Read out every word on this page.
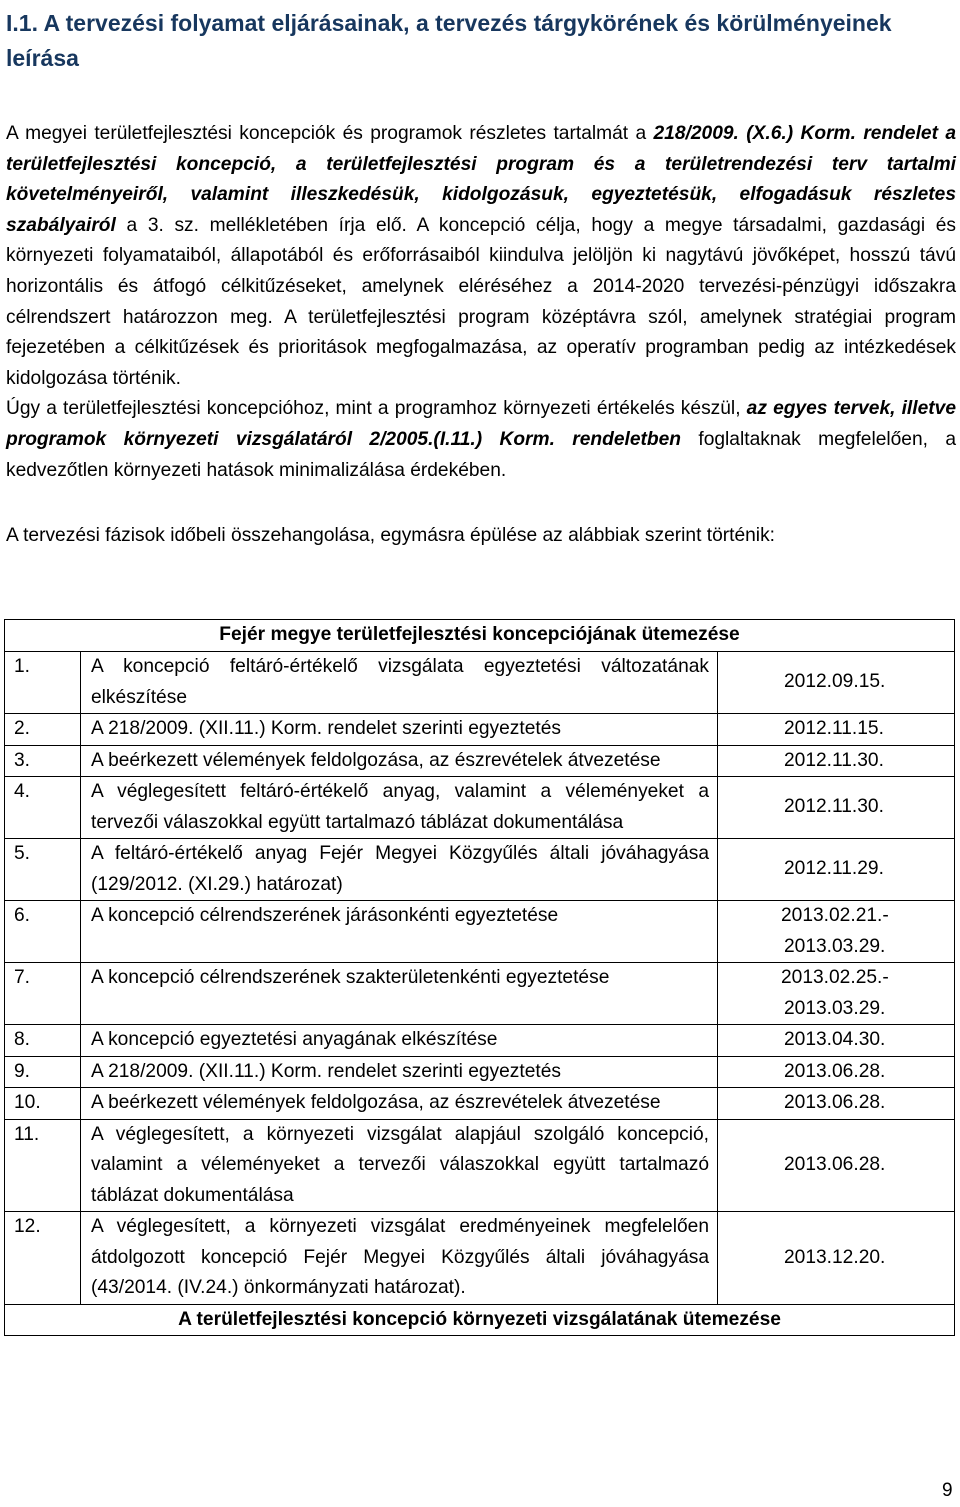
I.1. A tervezési folyamat eljárásainak, a tervezés tárgykörének és körülményeinek leírása

A megyei területfejlesztési koncepciók és programok részletes tartalmát a 218/2009. (X.6.) Korm. rendelet a területfejlesztési koncepció, a területfejlesztési program és a területrendezési terv tartalmi követelményeiről, valamint illeszkedésük, kidolgozásuk, egyeztetésük, elfogadásuk részletes szabályairól a 3. sz. mellékletében írja elő. A koncepció célja, hogy a megye társadalmi, gazdasági és környezeti folyamataiból, állapotából és erőforrásaiból kiindulva jelöljön ki nagytávú jövőképet, hosszú távú horizontális és átfogó célkitűzéseket, amelynek eléréséhez a 2014-2020 tervezési-pénzügyi időszakra célrendszert határozzon meg. A területfejlesztési program középtávra szól, amelynek stratégiai program fejezetében a célkitűzések és prioritások megfogalmazása, az operatív programban pedig az intézkedések kidolgozása történik.

Úgy a területfejlesztési koncepcióhoz, mint a programhoz környezeti értékelés készül, az egyes tervek, illetve programok környezeti vizsgálatáról 2/2005.(I.11.) Korm. rendeletben foglaltaknak megfelelően, a kedvezőtlen környezeti hatások minimalizálása érdekében.

A tervezési fázisok időbeli összehangolása, egymásra épülése az alábbiak szerint történik:

Fejér megye területfejlesztési koncepciójának ütemezése		
1.	A koncepció feltáró-értékelő vizsgálata egyeztetési változatának elkészítése	2012.09.15.
2.	A 218/2009. (XII.11.) Korm. rendelet szerinti egyeztetés	2012.11.15.
3.	A beérkezett vélemények feldolgozása, az észrevételek átvezetése	2012.11.30.
4.	A véglegesített feltáró-értékelő anyag, valamint a véleményeket a tervezői válaszokkal együtt tartalmazó táblázat dokumentálása	2012.11.30.
5.	A feltáró-értékelő anyag Fejér Megyei Közgyűlés általi jóváhagyása (129/2012. (XI.29.) határozat)	2012.11.29.
6.	A koncepció célrendszerének járásonkénti egyeztetése	2013.02.21.-
2013.03.29.

7.	A koncepció célrendszerének szakterületenkénti egyeztetése	2013.02.25.-
2013.03.29.

8.	A koncepció egyeztetési anyagának elkészítése	2013.04.30.
9.	A 218/2009. (XII.11.) Korm. rendelet szerinti egyeztetés	2013.06.28.
10.	A beérkezett vélemények feldolgozása, az észrevételek átvezetése	2013.06.28.
11.	A véglegesített, a környezeti vizsgálat alapjául szolgáló koncepció, valamint a véleményeket a tervezői válaszokkal együtt tartalmazó táblázat dokumentálása	2013.06.28.
12.	A véglegesített, a környezeti vizsgálat eredményeinek megfelelően átdolgozott koncepció Fejér Megyei Közgyűlés általi jóváhagyása (43/2014. (IV.24.) önkormányzati határozat).	2013.12.20.
A területfejlesztési koncepció környezeti vizsgálatának ütemezése		
9
